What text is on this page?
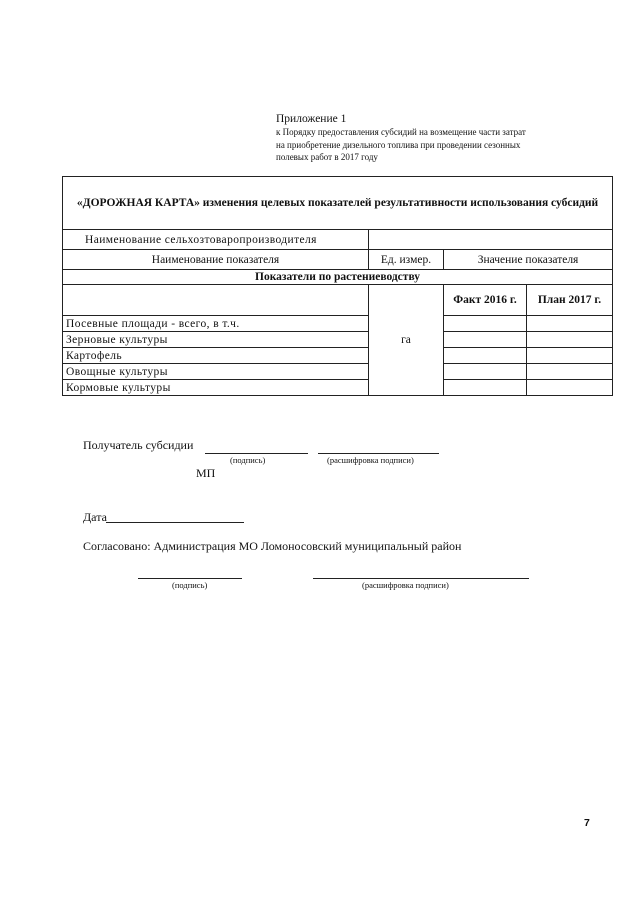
Приложение 1
к Порядку предоставления субсидий на возмещение части затрат
на приобретение дизельного топлива при проведении сезонных
полевых работ в 2017 году
«ДОРОЖНАЯ КАРТА» изменения целевых показателей результативности использования субсидий			
Наименование сельхозтоваропроизводителя			
Наименование показателя	Ед. измер.	Значение показателя	
Показатели по растениеводству			
	га	Факт 2016 г.	План 2017 г.
Посевные площади - всего, в т.ч.			
Зерновые культуры			
Картофель			
Овощные культуры			
Кормовые культуры			
Получатель субсидии
(подпись)	(расшифровка подписи)
МП
Дата
Согласовано: Администрация МО Ломоносовский муниципальный район
(подпись)	(расшифровка подписи)
7
